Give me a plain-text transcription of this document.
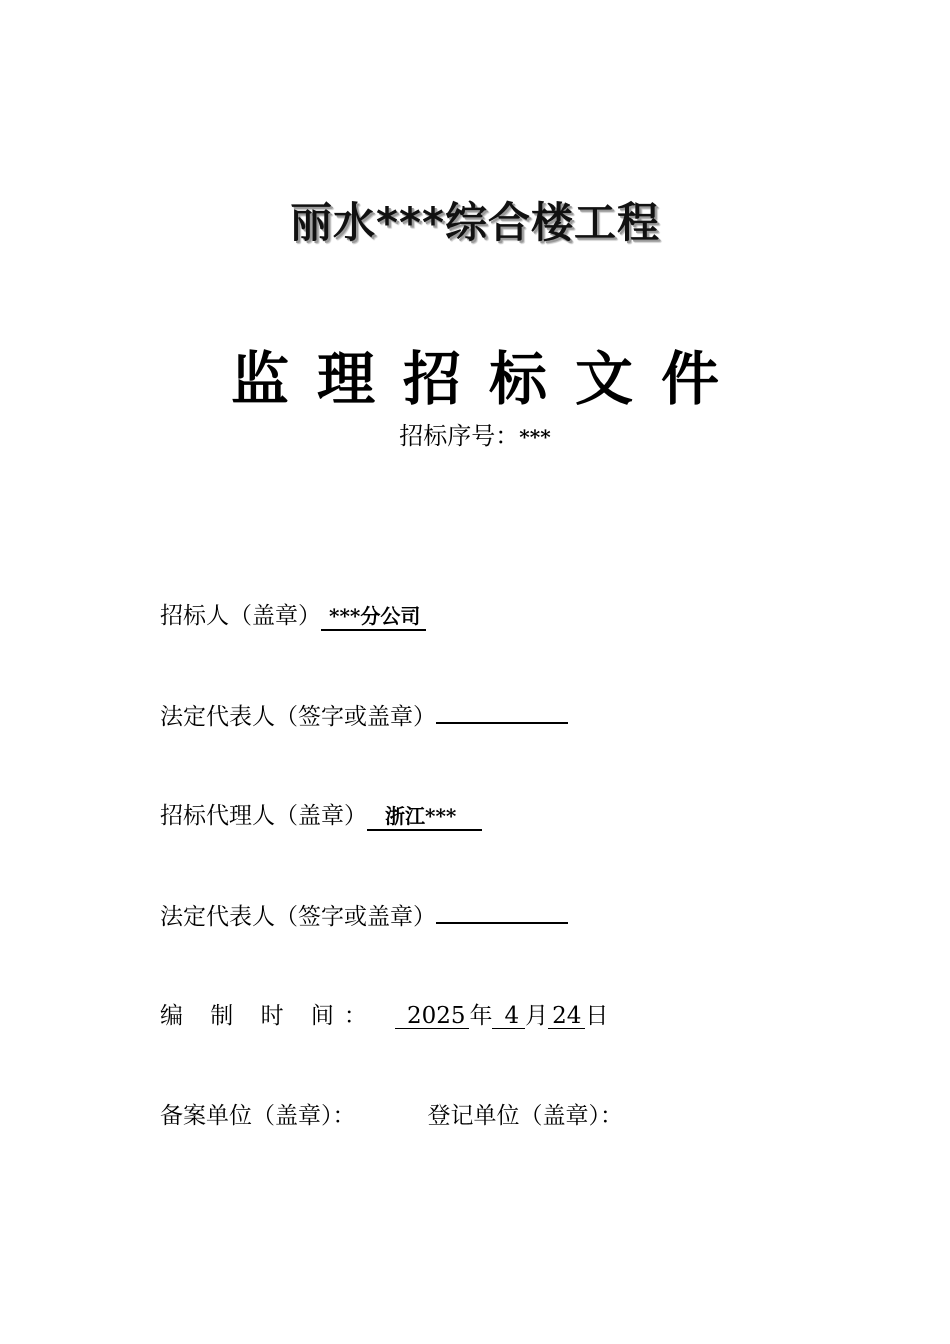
丽水***综合楼工程
监理招标文件
招标序号：***
招标人（盖章） ***分公司
法定代表人（签字或盖章）
招标代理人（盖章） 浙江***
法定代表人（签字或盖章）
编 制 时 间： 2025 年 4 月 24 日
备案单位（盖章）：	登记单位（盖章）：
